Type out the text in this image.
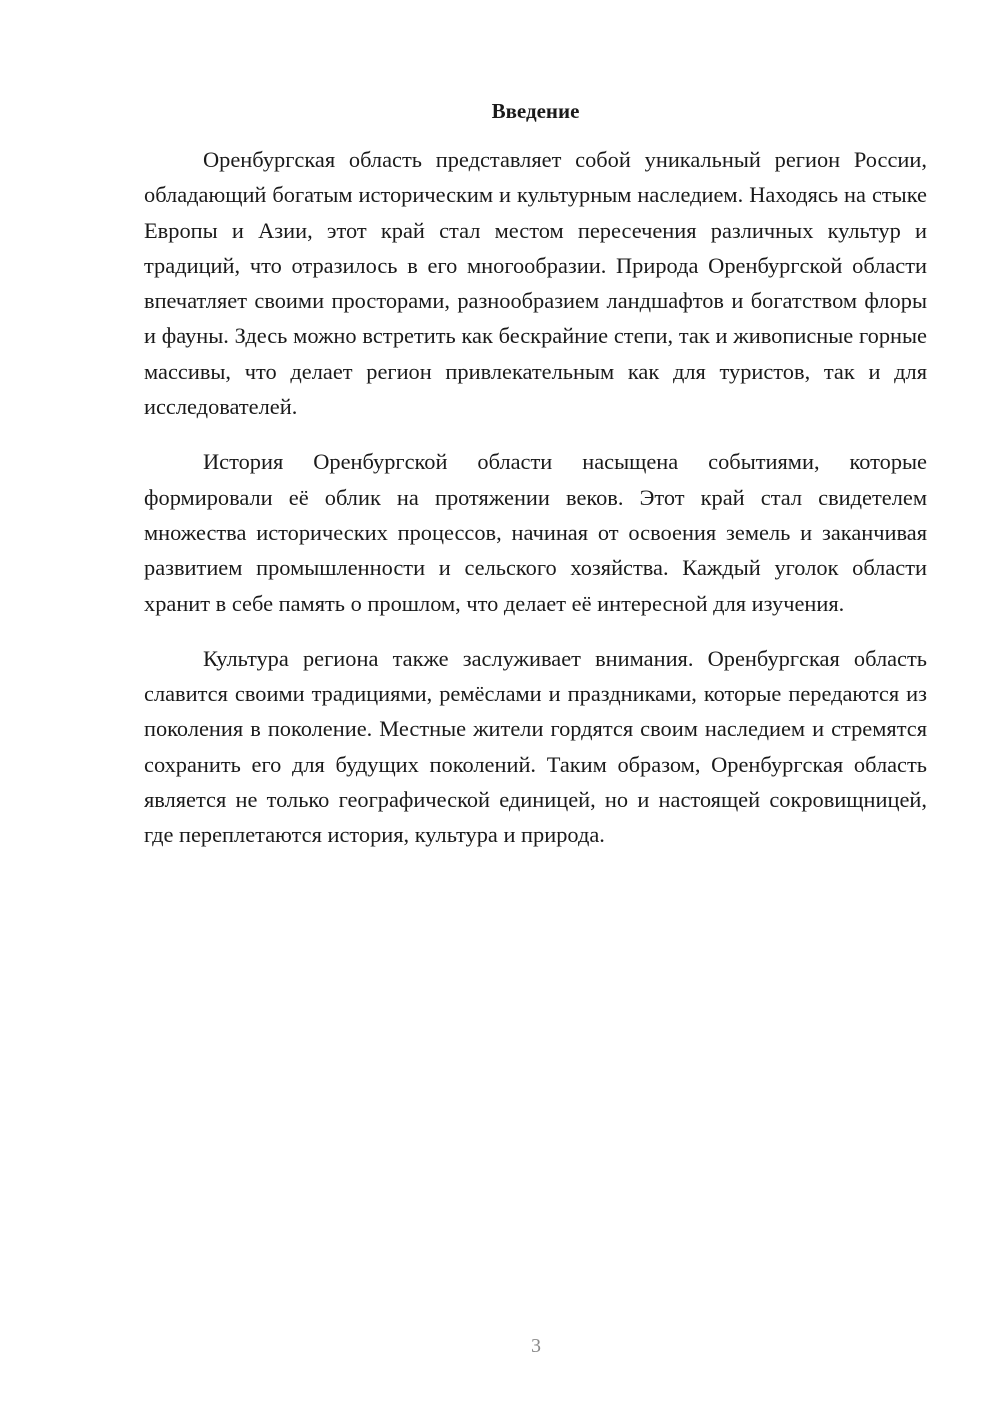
Введение

Оренбургская область представляет собой уникальный регион России, обладающий богатым историческим и культурным наследием. Находясь на стыке Европы и Азии, этот край стал местом пересечения различных культур и традиций, что отразилось в его многообразии. Природа Оренбургской области впечатляет своими просторами, разнообразием ландшафтов и богатством флоры и фауны. Здесь можно встретить как бескрайние степи, так и живописные горные массивы, что делает регион привлекательным как для туристов, так и для исследователей.

История Оренбургской области насыщена событиями, которые формировали её облик на протяжении веков. Этот край стал свидетелем множества исторических процессов, начиная от освоения земель и заканчивая развитием промышленности и сельского хозяйства. Каждый уголок области хранит в себе память о прошлом, что делает её интересной для изучения.

Культура региона также заслуживает внимания. Оренбургская область славится своими традициями, ремёслами и праздниками, которые передаются из поколения в поколение. Местные жители гордятся своим наследием и стремятся сохранить его для будущих поколений. Таким образом, Оренбургская область является не только географической единицей, но и настоящей сокровищницей, где переплетаются история, культура и природа.

3
